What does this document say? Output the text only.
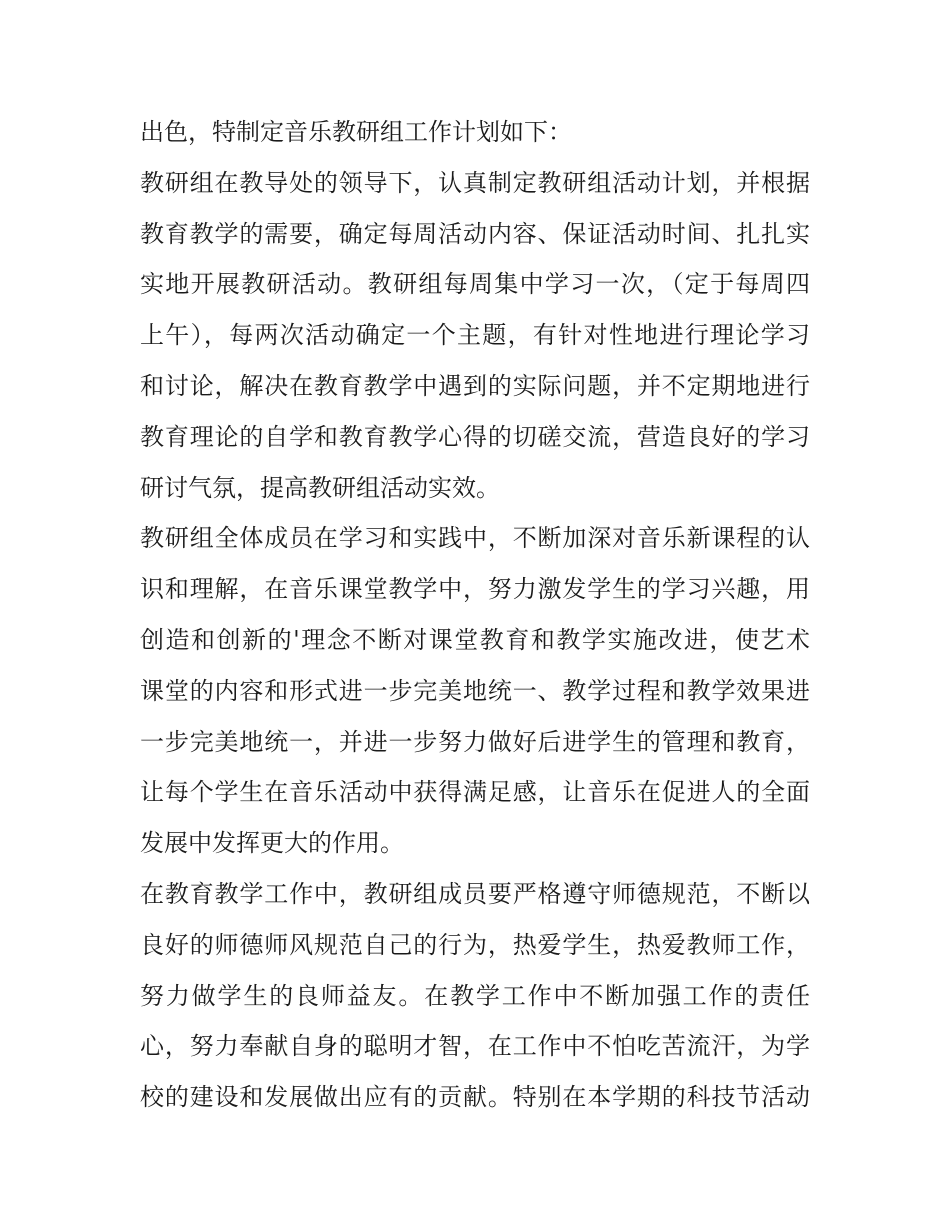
出色，特制定音乐教研组工作计划如下：
教研组在教导处的领导下，认真制定教研组活动计划，并根据
教育教学的需要，确定每周活动内容、保证活动时间、扎扎实
实地开展教研活动。教研组每周集中学习一次，（定于每周四
上午），每两次活动确定一个主题，有针对性地进行理论学习
和讨论，解决在教育教学中遇到的实际问题，并不定期地进行
教育理论的自学和教育教学心得的切磋交流，营造良好的学习
研讨气氛，提高教研组活动实效。
教研组全体成员在学习和实践中，不断加深对音乐新课程的认
识和理解，在音乐课堂教学中，努力激发学生的学习兴趣，用
创造和创新的'理念不断对课堂教育和教学实施改进，使艺术
课堂的内容和形式进一步完美地统一、教学过程和教学效果进
一步完美地统一，并进一步努力做好后进学生的管理和教育，
让每个学生在音乐活动中获得满足感，让音乐在促进人的全面
发展中发挥更大的作用。
在教育教学工作中，教研组成员要严格遵守师德规范，不断以
良好的师德师风规范自己的行为，热爱学生，热爱教师工作，
努力做学生的良师益友。在教学工作中不断加强工作的责任
心，努力奉献自身的聪明才智，在工作中不怕吃苦流汗，为学
校的建设和发展做出应有的贡献。特别在本学期的科技节活动
